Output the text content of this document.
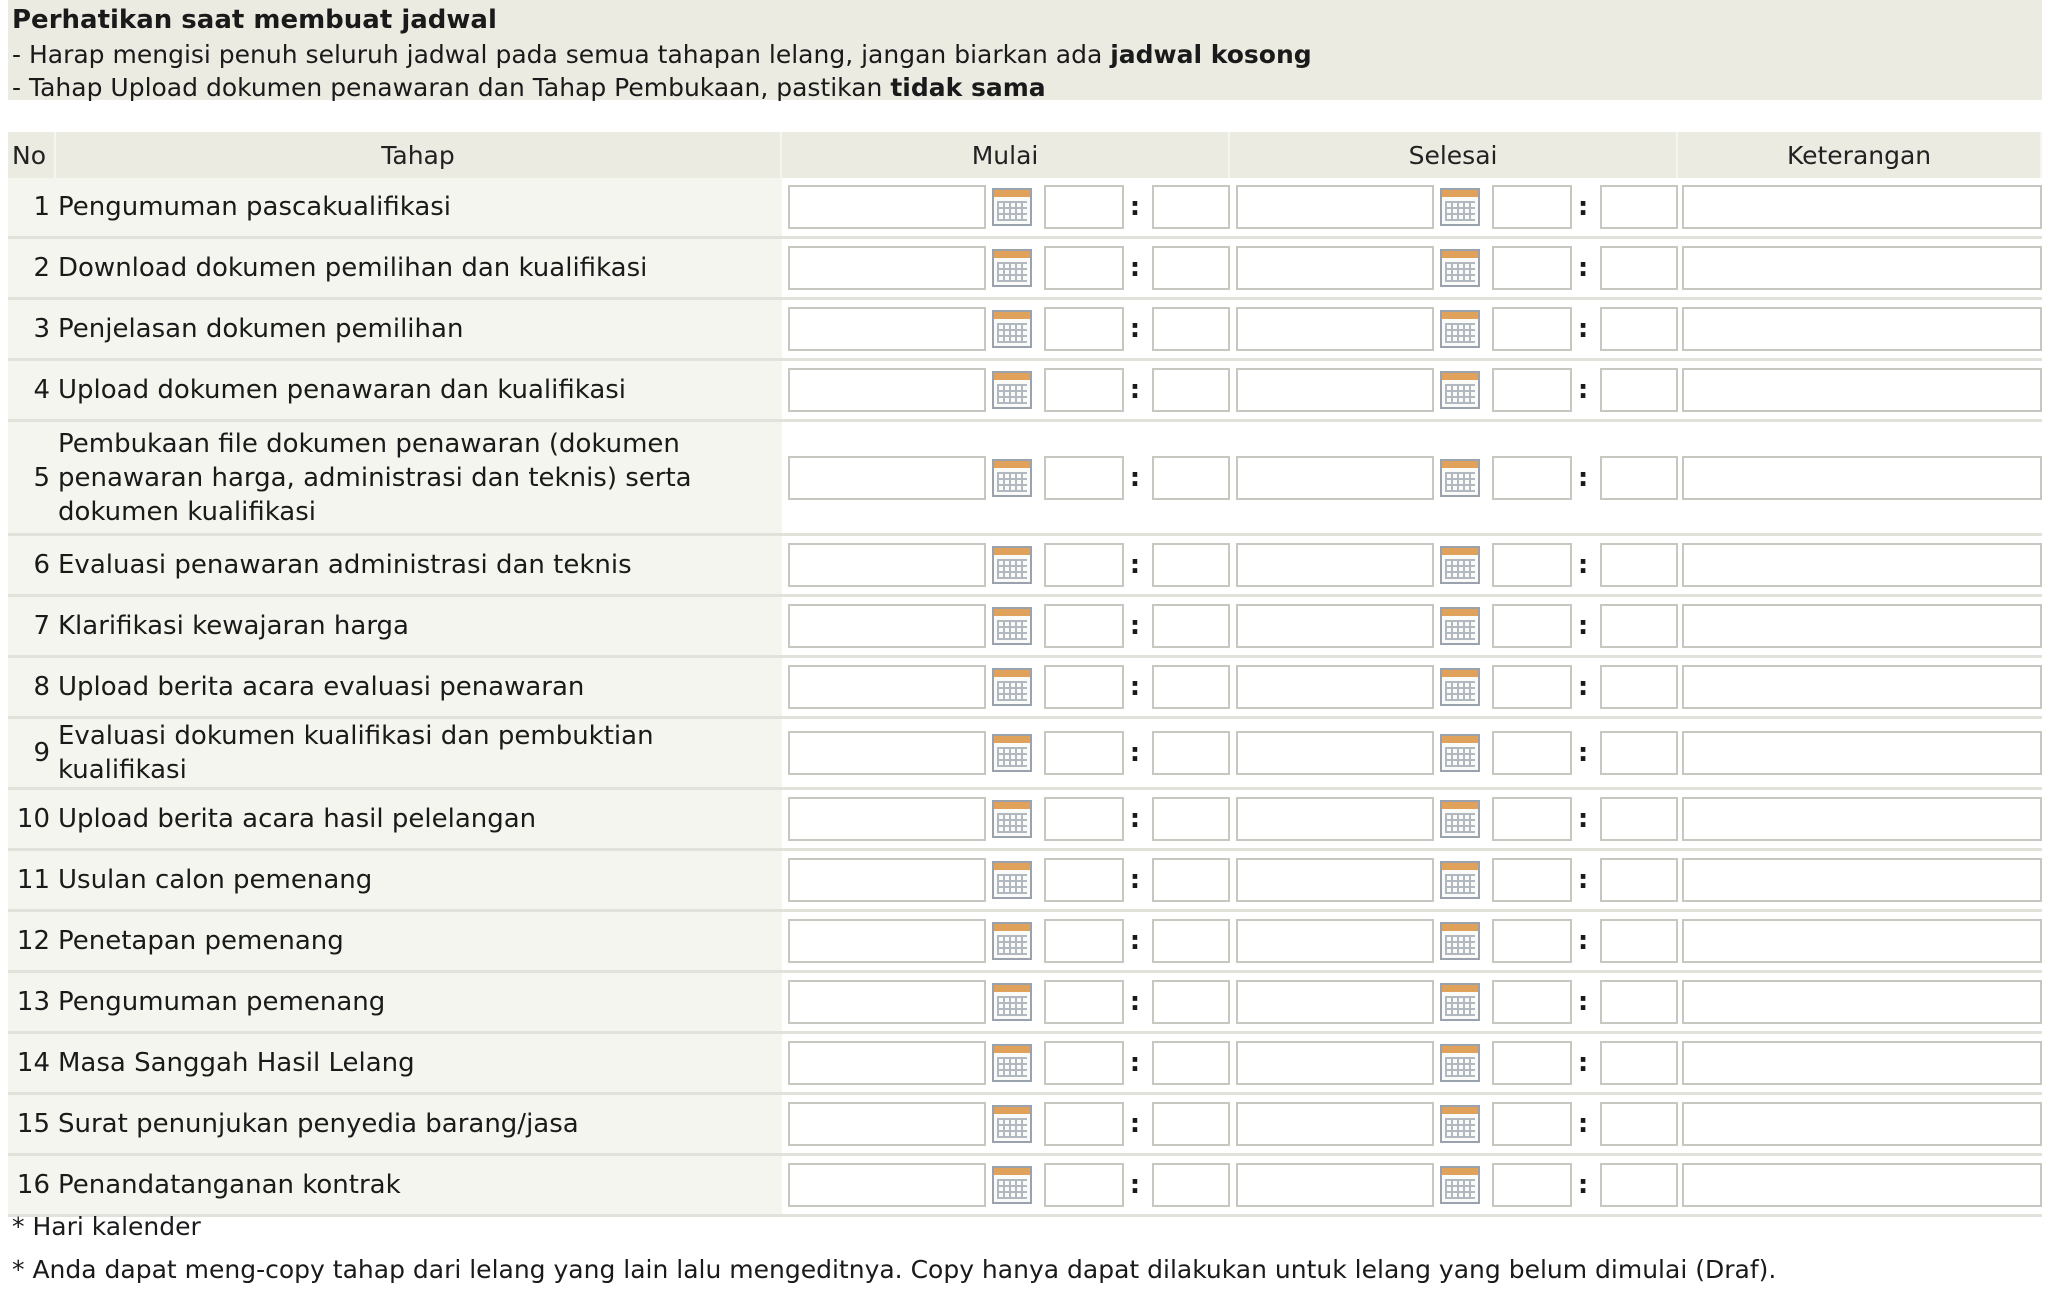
Perhatikan saat membuat jadwal
- Harap mengisi penuh seluruh jadwal pada semua tahapan lelang, jangan biarkan ada jadwal kosong
- Tahap Upload dokumen penawaran dan Tahap Pembukaan, pastikan tidak sama
No	Tahap	Mulai					Selesai					Keterangan
1	Pengumuman pascakualifikasi				:					:	

2	Download dokumen pemilihan dan kualifikasi				:					:	

3	Penjelasan dokumen pemilihan				:					:	

4	Upload dokumen penawaran dan kualifikasi				:					:	

5	Pembukaan file dokumen penawaran (dokumen penawaran harga, administrasi dan teknis) serta dokumen kualifikasi				:					:	

6	Evaluasi penawaran administrasi dan teknis				:					:	

7	Klarifikasi kewajaran harga				:					:	

8	Upload berita acara evaluasi penawaran				:					:	

9	Evaluasi dokumen kualifikasi dan pembuktian kualifikasi				:					:	

10	Upload berita acara hasil pelelangan				:					:	

11	Usulan calon pemenang				:					:	

12	Penetapan pemenang				:					:	

13	Pengumuman pemenang				:					:	

14	Masa Sanggah Hasil Lelang				:					:	

15	Surat penunjukan penyedia barang/jasa				:					:	

16	Penandatanganan kontrak				:					:	

* Hari kalender
* Anda dapat meng-copy tahap dari lelang yang lain lalu mengeditnya. Copy hanya dapat dilakukan untuk lelang yang belum dimulai (Draf).
